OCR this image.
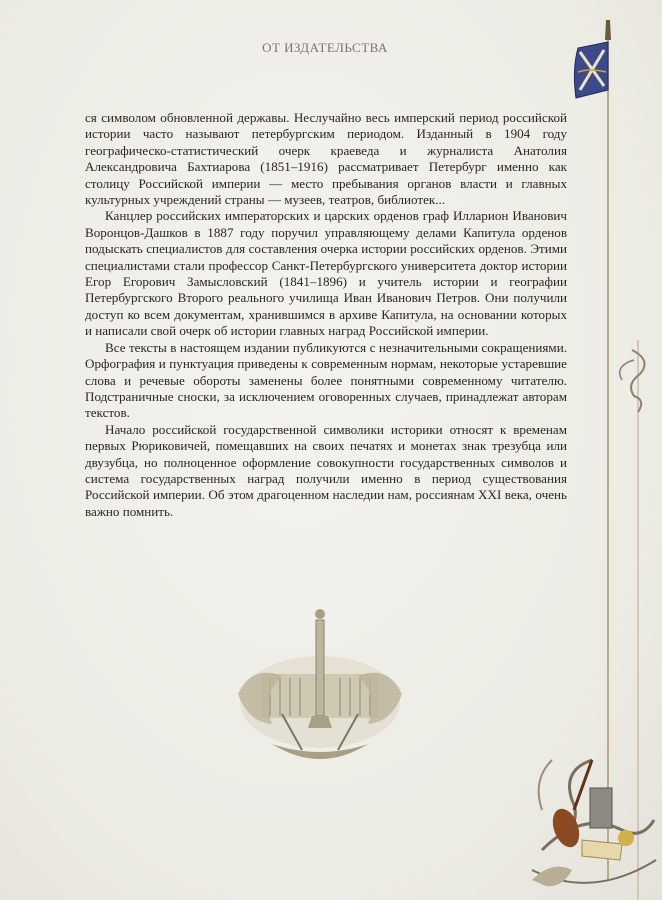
ОТ ИЗДАТЕЛЬСТВА

ся символом обновленной державы. Неслучайно весь имперский период российской истории часто называют петербургским периодом. Изданный в 1904 году географическо-статистический очерк краеведа и журналиста Анатолия Александровича Бахтиарова (1851–1916) рассматривает Петербург именно как столицу Российской империи — место пребывания органов власти и главных культурных учреждений страны — музеев, театров, библиотек...

Канцлер российских императорских и царских орденов граф Илларион Иванович Воронцов-Дашков в 1887 году поручил управляющему делами Капитула орденов подыскать специалистов для составления очерка истории российских орденов. Этими специалистами стали профессор Санкт-Петербургского университета доктор истории Егор Егорович Замысловский (1841–1896) и учитель истории и географии Петербургского Второго реального училища Иван Иванович Петров. Они получили доступ ко всем документам, хранившимся в архиве Капитула, на основании которых и написали свой очерк об истории главных наград Российской империи.

Все тексты в настоящем издании публикуются с незначительными сокращениями. Орфография и пунктуация приведены к современным нормам, некоторые устаревшие слова и речевые обороты заменены более понятными современному читателю. Подстраничные сноски, за исключением оговоренных случаев, принадлежат авторам текстов.

Начало российской государственной символики историки относят к временам первых Рюриковичей, помещавших на своих печатях и монетах знак трезубца или двузубца, но полноценное оформление совокупности государственных символов и система государственных наград получили именно в период существования Российской империи. Об этом драгоценном наследии нам, россиянам XXI века, очень важно помнить.
